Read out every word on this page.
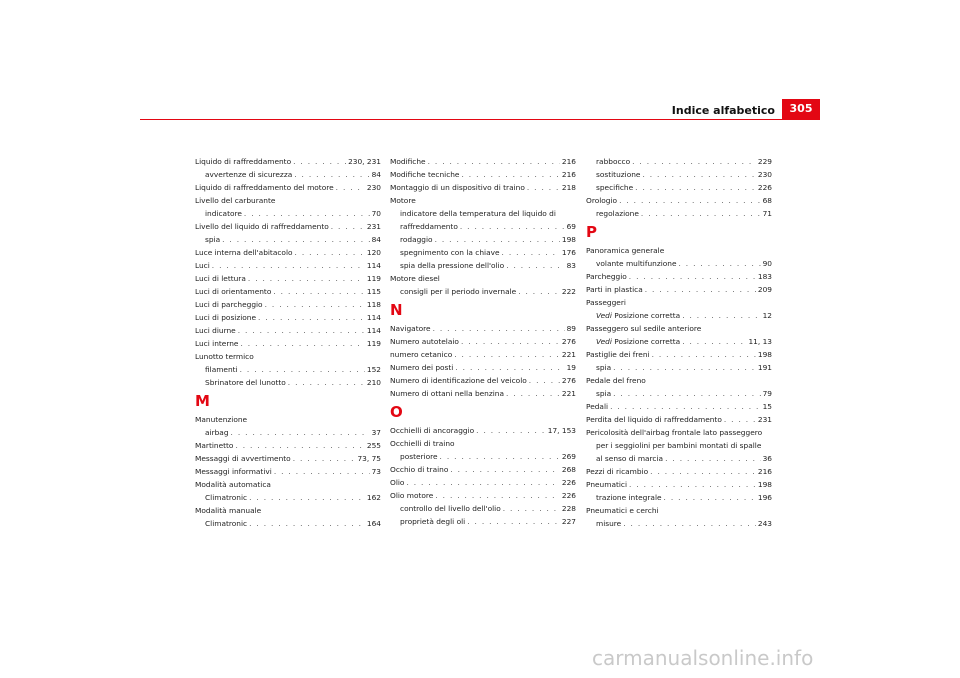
Indice alfabetico	305
Liquido di raffreddamento . . .	230, 231
avvertenze di sicurezza . . .	84
Liquido di raffreddamento del motore . . .	230
Livello del carburante
indicatore . . .	70
Livello del liquido di raffreddamento . . .	231
spia . . .	84
Luce interna dell'abitacolo . . .	120
Luci . . .	114
Luci di lettura . . .	119
Luci di orientamento . . .	115
Luci di parcheggio . . .	118
Luci di posizione . . .	114
Luci diurne . . .	114
Luci interne . . .	119
Lunotto termico
filamenti . . .	152
Sbrinatore del lunotto . . .	210
M
Manutenzione
airbag . . .	37
Martinetto . . .	255
Messaggi di avvertimento . . .	73, 75
Messaggi informativi . . .	73
Modalità automatica
Climatronic . . .	162
Modalità manuale
Climatronic . . .	164
Modifiche . . .	216
Modifiche tecniche . . .	216
Montaggio di un dispositivo di traino . . .	218
Motore
indicatore della temperatura del liquido di
raffreddamento . . .	69
rodaggio . . .	198
spegnimento con la chiave . . .	176
spia della pressione dell'olio . . .	83
Motore diesel
consigli per il periodo invernale . . .	222
N
Navigatore . . .	89
Numero autotelaio . . .	276
numero cetanico . . .	221
Numero dei posti . . .	19
Numero di identificazione del veicolo . . .	276
Numero di ottani nella benzina . . .	221
O
Occhielli di ancoraggio . . .	17, 153
Occhielli di traino
posteriore . . .	269
Occhio di traino . . .	268
Olio . . .	226
Olio motore . . .	226
controllo del livello dell'olio . . .	228
proprietà degli oli . . .	227
rabbocco . . .	229
sostituzione . . .	230
specifiche . . .	226
Orologio . . .	68
regolazione . . .	71
P
Panoramica generale
volante multifunzione . . .	90
Parcheggio . . .	183
Parti in plastica . . .	209
Passeggeri
Vedi Posizione corretta . . .	12
Passeggero sul sedile anteriore
Vedi Posizione corretta . . .	11, 13
Pastiglie dei freni . . .	198
spia . . .	191
Pedale del freno
spia . . .	79
Pedali . . .	15
Perdita del liquido di raffreddamento . . .	231
Pericolosità dell'airbag frontale lato passeggero
per i seggiolini per bambini montati di spalle
al senso di marcia . . .	36
Pezzi di ricambio . . .	216
Pneumatici . . .	198
trazione integrale . . .	196
Pneumatici e cerchi
misure . . .	243
carmanualsonline.info
